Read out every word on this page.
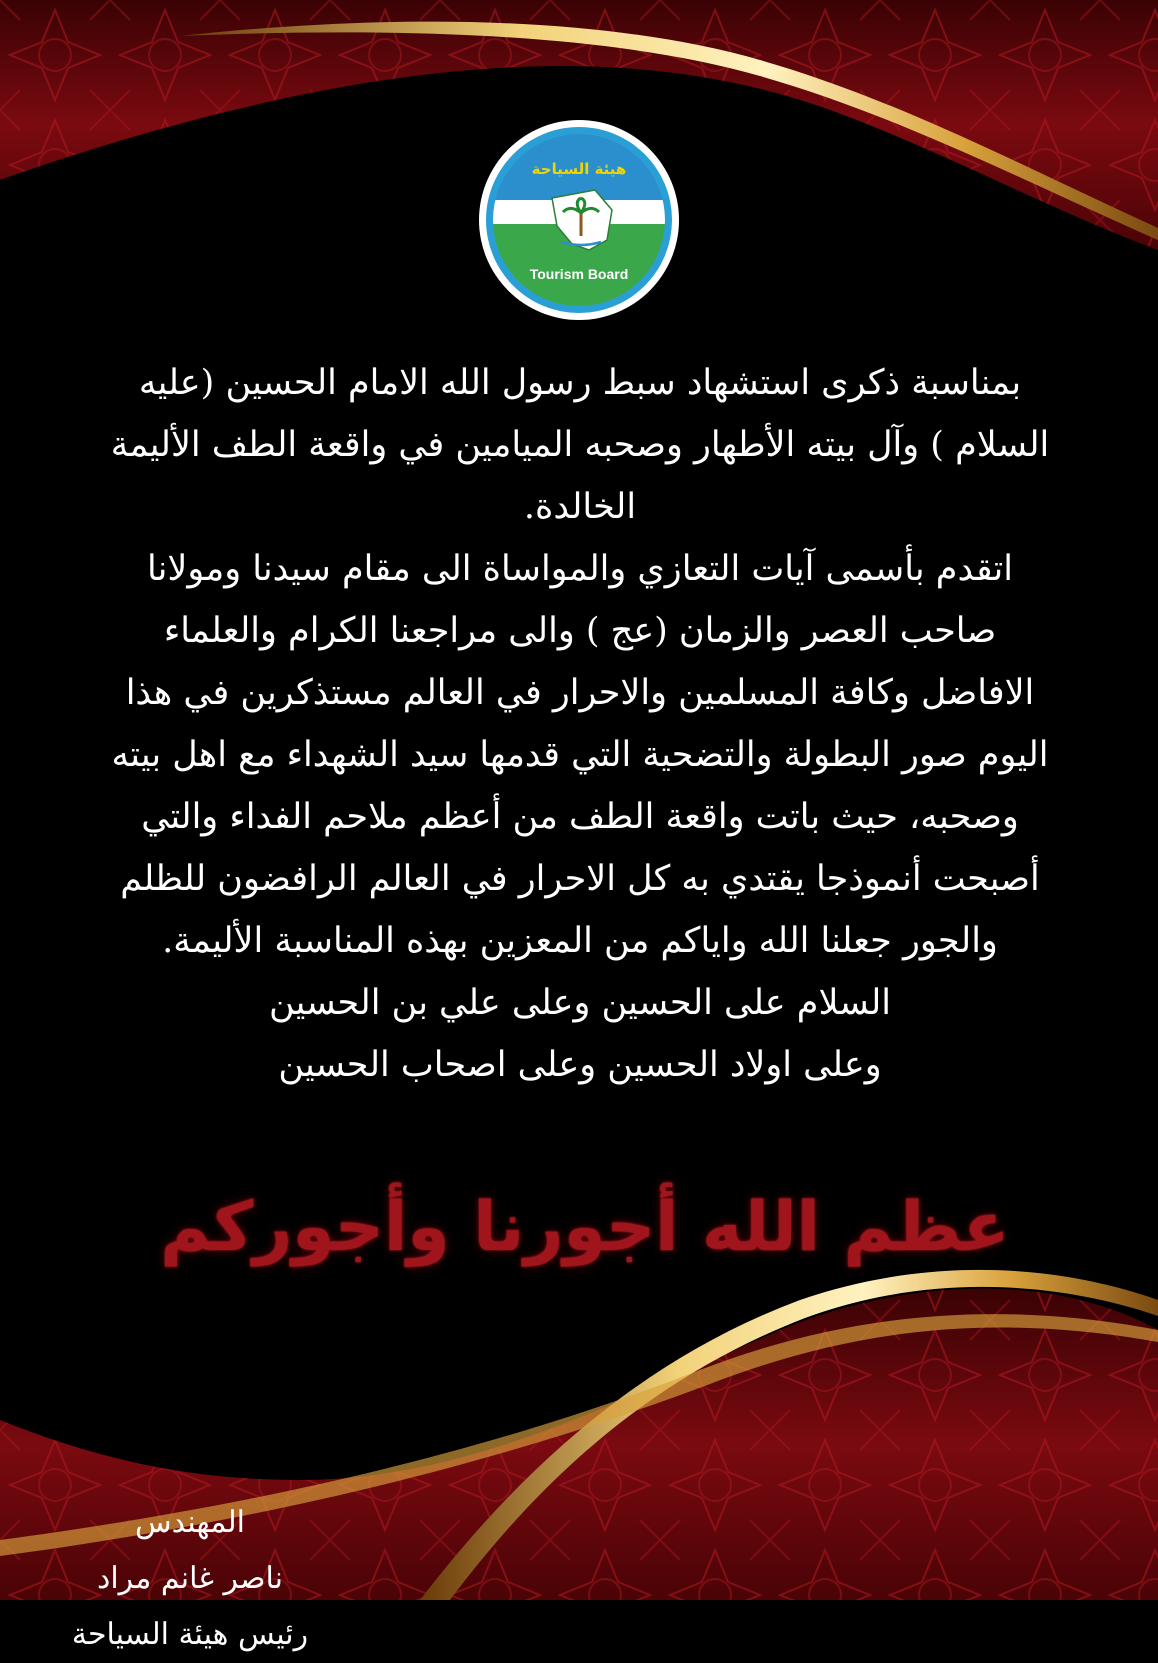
هيئة السياحة
Tourism Board

بمناسبة ذكرى استشهاد سبط رسول الله الامام الحسين (عليه السلام ) وآل بيته الأطهار وصحبه الميامين في واقعة الطف الأليمة الخالدة.

اتقدم بأسمى آيات التعازي والمواساة الى مقام سيدنا ومولانا صاحب العصر والزمان (عج ) والى مراجعنا الكرام والعلماء الافاضل وكافة المسلمين والاحرار في العالم مستذكرين في هذا اليوم صور البطولة والتضحية التي قدمها سيد الشهداء مع اهل بيته وصحبه، حيث باتت واقعة الطف من أعظم ملاحم الفداء والتي أصبحت أنموذجا يقتدي به كل الاحرار في العالم الرافضون للظلم والجور جعلنا الله واياكم من المعزين بهذه المناسبة الأليمة.

السلام على الحسين وعلى علي بن الحسين

وعلى اولاد الحسين وعلى اصحاب الحسين

عظم الله أجورنا وأجوركم
المهندس
ناصر غانم مراد
رئيس هيئة السياحة
